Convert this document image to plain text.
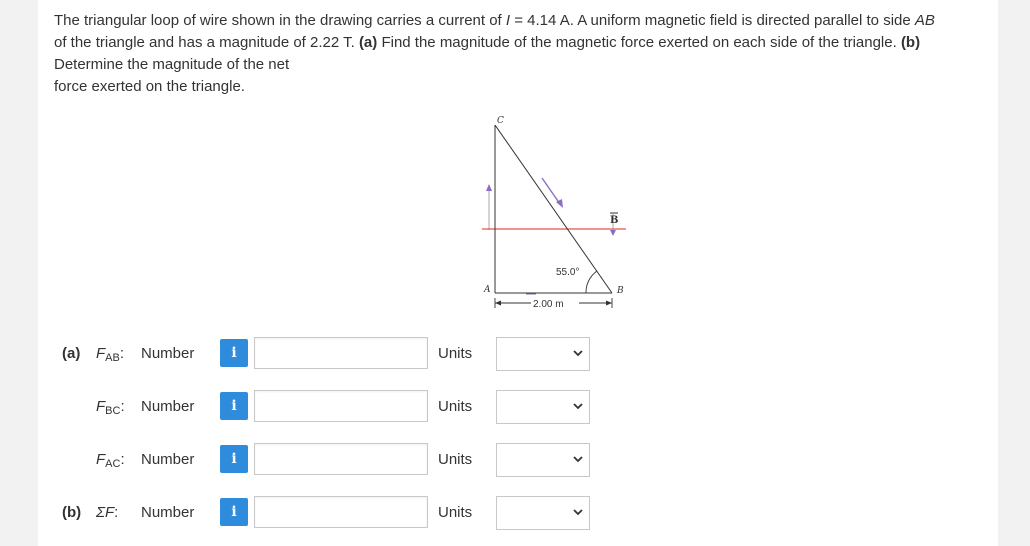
The triangular loop of wire shown in the drawing carries a current of I = 4.14 A. A uniform magnetic field is directed parallel to side AB

of the triangle and has a magnitude of 2.22 T. (a) Find the magnitude of the magnetic force exerted on each side of the triangle. (b)

Determine the magnitude of the net

force exerted on the triangle.

B
55.0°
C
A	B
2.00 m
(a) $F_{AB}$: Number	i	Units
$F_{BC}$: Number	i	Units
$F_{AC}$: Number	i	Units
(b) ΣF: Number	i	Units
